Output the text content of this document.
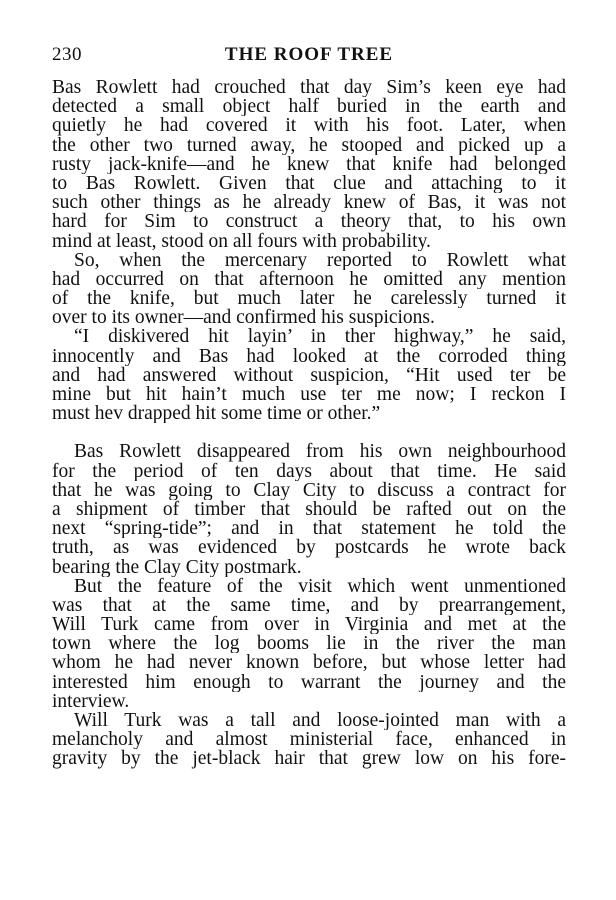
230	THE ROOF TREE
Bas Rowlett had crouched that day Sim’s keen eye had
detected a small object half buried in the earth and
quietly he had covered it with his foot. Later, when
the other two turned away, he stooped and picked up a
rusty jack-knife—and he knew that knife had belonged
to Bas Rowlett. Given that clue and attaching to it
such other things as he already knew of Bas, it was not
hard for Sim to construct a theory that, to his own
mind at least, stood on all fours with probability.
So, when the mercenary reported to Rowlett what
had occurred on that afternoon he omitted any mention
of the knife, but much later he carelessly turned it
over to its owner—and confirmed his suspicions.
“I diskivered hit layin’ in ther highway,” he said,
innocently and Bas had looked at the corroded thing
and had answered without suspicion, “Hit used ter be
mine but hit hain’t much use ter me now; I reckon I
must hev drapped hit some time or other.”
Bas Rowlett disappeared from his own neighbourhood
for the period of ten days about that time. He said
that he was going to Clay City to discuss a contract for
a shipment of timber that should be rafted out on the
next “spring-tide”; and in that statement he told the
truth, as was evidenced by postcards he wrote back
bearing the Clay City postmark.
But the feature of the visit which went unmentioned
was that at the same time, and by prearrangement,
Will Turk came from over in Virginia and met at the
town where the log booms lie in the river the man
whom he had never known before, but whose letter had
interested him enough to warrant the journey and the
interview.
Will Turk was a tall and loose-jointed man with a
melancholy and almost ministerial face, enhanced in
gravity by the jet-black hair that grew low on his fore-
